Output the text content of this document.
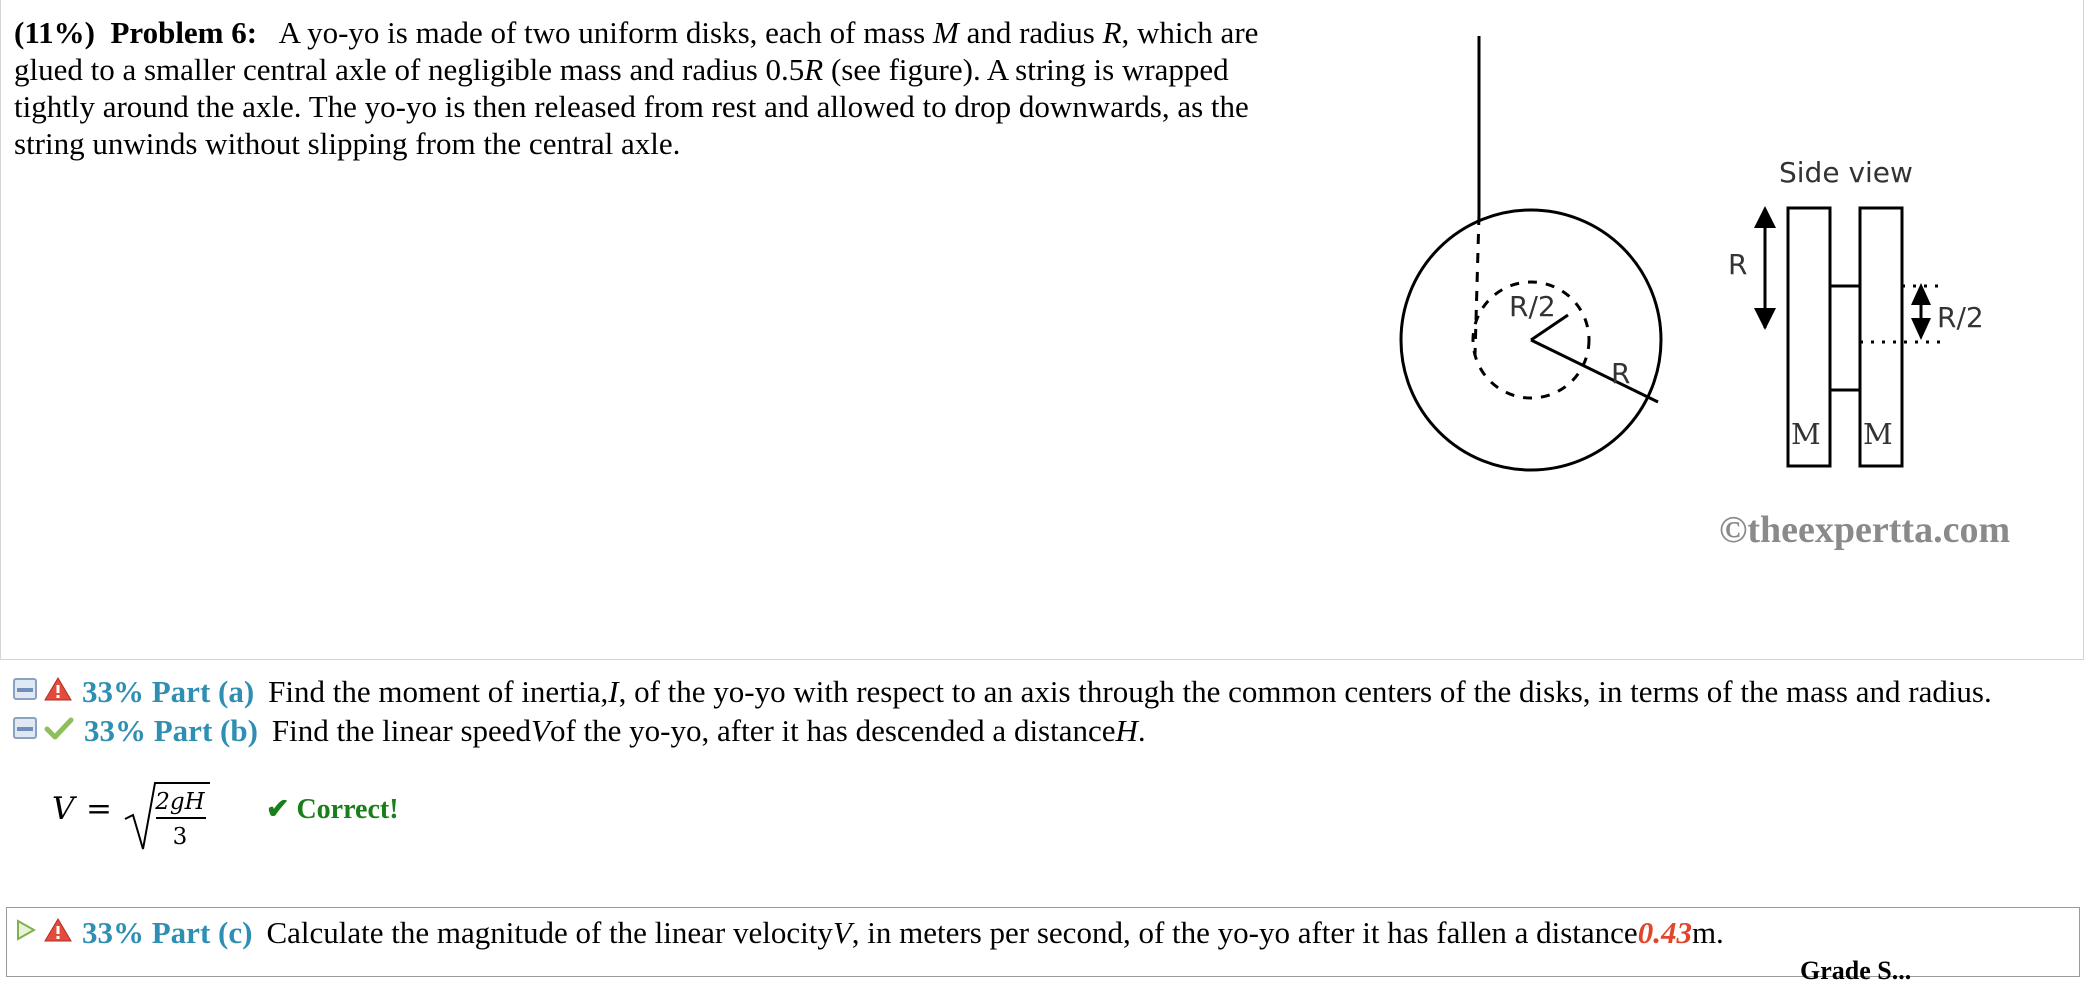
(11%) Problem 6: A yo-yo is made of two uniform disks, each of mass M and radius R, which are glued to a smaller central axle of negligible mass and radius 0.5R (see figure). A string is wrapped tightly around the axle. The yo-yo is then released from rest and allowed to drop downwards, as the string unwinds without slipping from the central axle.
R/2
R
Side view
R
R/2
M M
©theexpertta.com
33% Part (a) Find the moment of inertia, I , of the yo-yo with respect to an axis through the common centers of the disks, in terms of the mass and radius.
33% Part (b) Find the linear speed V of the yo-yo, after it has descended a distance H .
V = 2gH
3
✔ Correct!
33% Part (c) Calculate the magnitude of the linear velocity V , in meters per second, of the yo-yo after it has fallen a distance 0.43 m.
Grade S...
